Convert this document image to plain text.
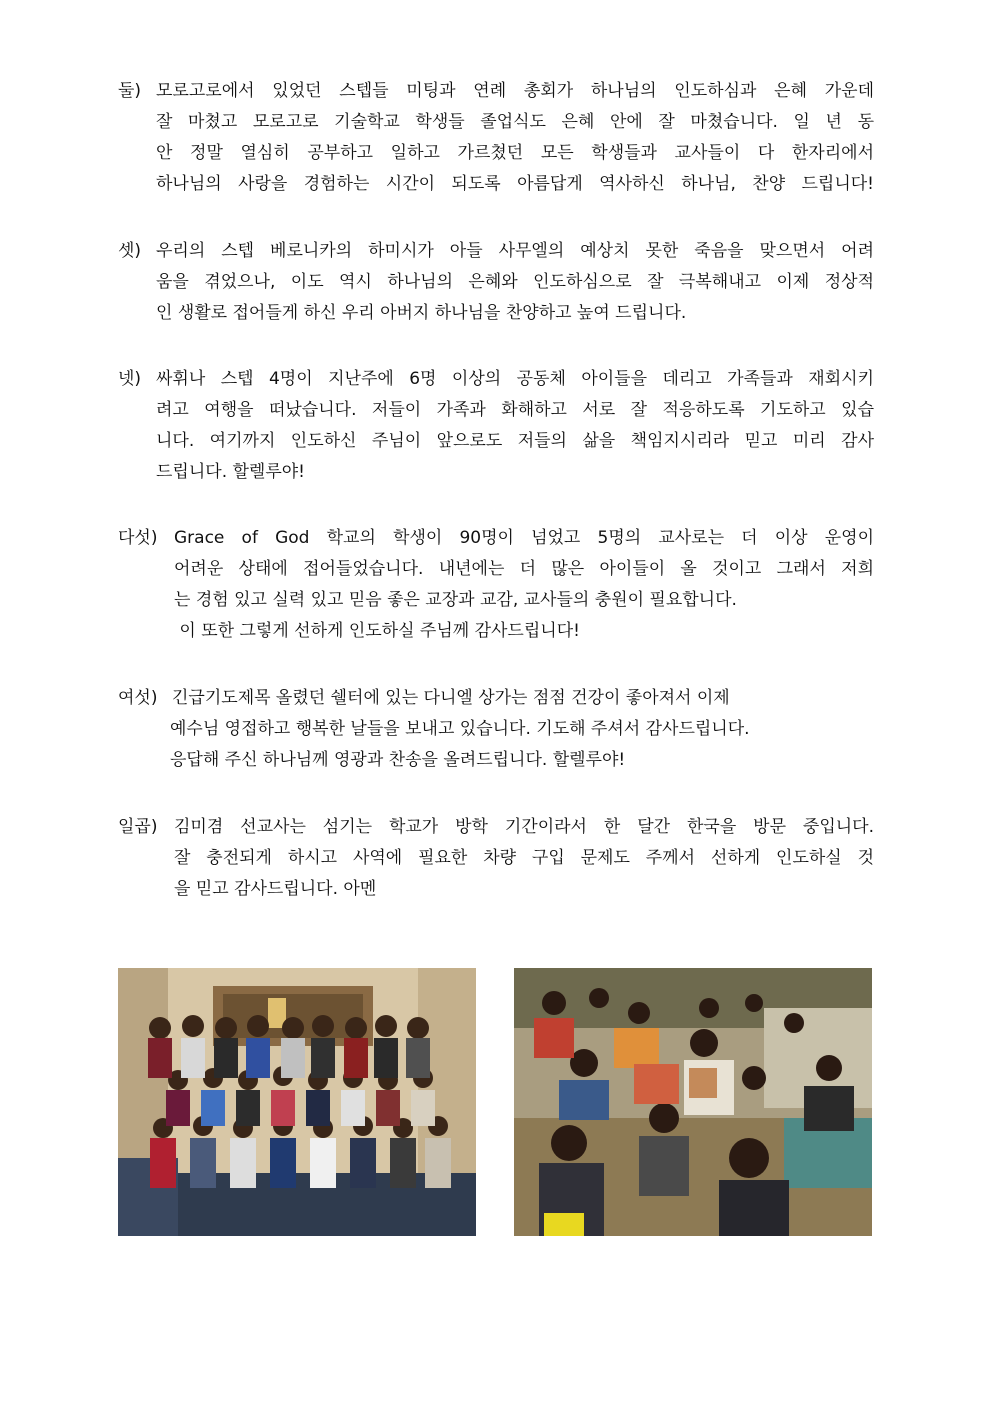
둘) 모로고로에서 있었던 스텝들 미팅과 연례 총회가 하나님의 인도하심과 은혜 가운데
잘 마쳤고 모로고로 기술학교 학생들 졸업식도 은혜 안에 잘 마쳤습니다. 일 년 동
안 정말 열심히 공부하고 일하고 가르쳤던 모든 학생들과 교사들이 다 한자리에서
하나님의 사랑을 경험하는 시간이 되도록 아름답게 역사하신 하나님, 찬양 드립니다!
셋) 우리의 스텝 베로니카의 하미시가 아들 사무엘의 예상치 못한 죽음을 맞으면서 어려
움을 겪었으나, 이도 역시 하나님의 은혜와 인도하심으로 잘 극복해내고 이제 정상적
인 생활로 접어들게 하신 우리 아버지 하나님을 찬양하고 높여 드립니다.
넷) 싸휘나 스텝 4명이 지난주에 6명 이상의 공동체 아이들을 데리고 가족들과 재회시키
려고 여행을 떠났습니다. 저들이 가족과 화해하고 서로 잘 적응하도록 기도하고 있습
니다. 여기까지 인도하신 주님이 앞으로도 저들의 삶을 책임지시리라 믿고 미리 감사
드립니다. 할렐루야!
다섯) Grace of God 학교의 학생이 90명이 넘었고 5명의 교사로는 더 이상 운영이
어려운 상태에 접어들었습니다. 내년에는 더 많은 아이들이 올 것이고 그래서 저희
는 경험 있고 실력 있고 믿음 좋은 교장과 교감, 교사들의 충원이 필요합니다.
이 또한 그렇게 선하게 인도하실 주님께 감사드립니다!
여섯) 긴급기도제목 올렸던 쉘터에 있는 다니엘 상가는 점점 건강이 좋아져서 이제
예수님 영접하고 행복한 날들을 보내고 있습니다. 기도해 주셔서 감사드립니다.
응답해 주신 하나님께 영광과 찬송을 올려드립니다. 할렐루야!
일곱) 김미겸 선교사는 섬기는 학교가 방학 기간이라서 한 달간 한국을 방문 중입니다.
잘 충전되게 하시고 사역에 필요한 차량 구입 문제도 주께서 선하게 인도하실 것
을 믿고 감사드립니다. 아멘
